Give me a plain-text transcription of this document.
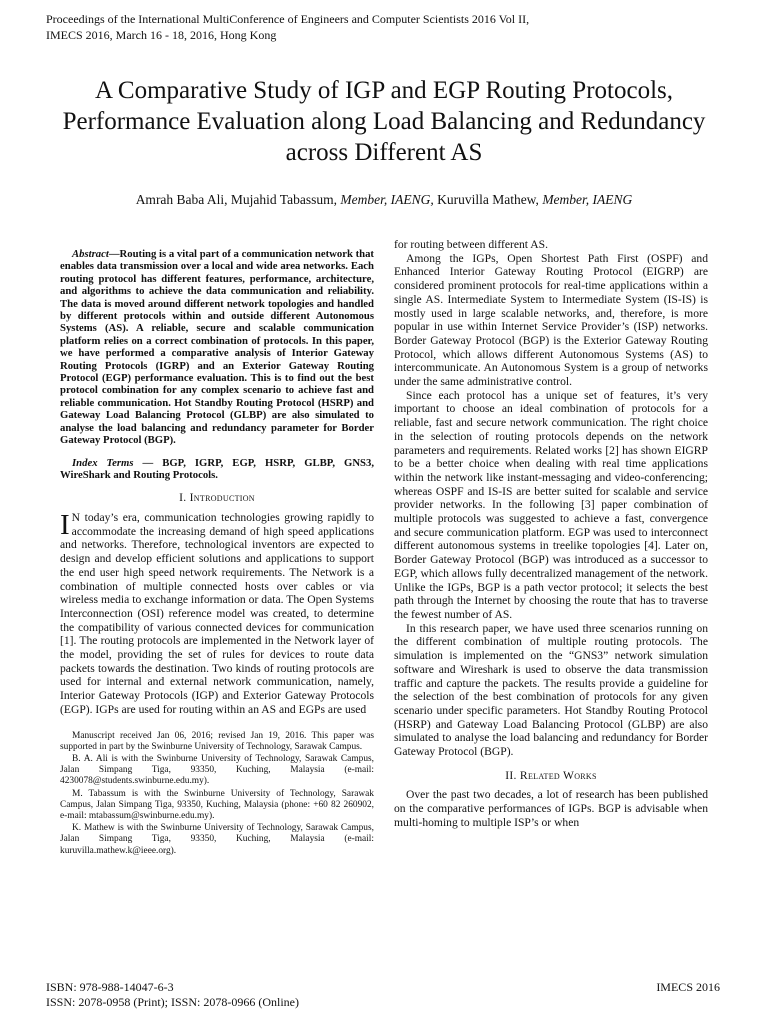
Proceedings of the International MultiConference of Engineers and Computer Scientists 2016 Vol II,
IMECS 2016, March 16 - 18, 2016, Hong Kong
A Comparative Study of IGP and EGP Routing Protocols, Performance Evaluation along Load Balancing and Redundancy across Different AS
Amrah Baba Ali, Mujahid Tabassum, Member, IAENG, Kuruvilla Mathew, Member, IAENG

Abstract—Routing is a vital part of a communication network that enables data transmission over a local and wide area networks. Each routing protocol has different features, performance, architecture, and algorithms to achieve the data communication and reliability. The data is moved around different network topologies and handled by different protocols within and outside different Autonomous Systems (AS). A reliable, secure and scalable communication platform relies on a correct combination of protocols. In this paper, we have performed a comparative analysis of Interior Gateway Routing Protocols (IGRP) and an Exterior Gateway Routing Protocol (EGP) performance evaluation. This is to find out the best protocol combination for any complex scenario to achieve fast and reliable communication. Hot Standby Routing Protocol (HSRP) and Gateway Load Balancing Protocol (GLBP) are also simulated to analyse the load balancing and redundancy parameter for Border Gateway Protocol (BGP).

Index Terms — BGP, IGRP, EGP, HSRP, GLBP, GNS3, WireShark and Routing Protocols.

I. Introduction

I N today’s era, communication technologies growing rapidly to accommodate the increasing demand of high speed applications and networks. Therefore, technological inventors are expected to design and develop efficient solutions and applications to support the end user high speed network requirements. The Network is a combination of multiple connected hosts over cables or via wireless media to exchange information or data. The Open Systems Interconnection (OSI) reference model was created, to determine the compatibility of various connected devices for communication [1]. The routing protocols are implemented in the Network layer of the model, providing the set of rules for devices to route data packets towards the destination. Two kinds of routing protocols are used for internal and external network communication, namely, Interior Gateway Protocols (IGP) and Exterior Gateway Protocols (EGP). IGPs are used for routing within an AS and EGPs are used

Manuscript received Jan 06, 2016; revised Jan 19, 2016. This paper was supported in part by the Swinburne University of Technology, Sarawak Campus.

B. A. Ali is with the Swinburne University of Technology, Sarawak Campus, Jalan Simpang Tiga, 93350, Kuching, Malaysia (e-mail: 4230078@students.swinburne.edu.my).

M. Tabassum is with the Swinburne University of Technology, Sarawak Campus, Jalan Simpang Tiga, 93350, Kuching, Malaysia (phone: +60 82 260902, e-mail: mtabassum@swinburne.edu.my).

K. Mathew is with the Swinburne University of Technology, Sarawak Campus, Jalan Simpang Tiga, 93350, Kuching, Malaysia (e-mail: kuruvilla.mathew.k@ieee.org).

for routing between different AS.

Among the IGPs, Open Shortest Path First (OSPF) and Enhanced Interior Gateway Routing Protocol (EIGRP) are considered prominent protocols for real-time applications within a single AS. Intermediate System to Intermediate System (IS-IS) is mostly used in large scalable networks, and, therefore, is more popular in use within Internet Service Provider’s (ISP) networks. Border Gateway Protocol (BGP) is the Exterior Gateway Routing Protocol, which allows different Autonomous Systems (AS) to intercommunicate. An Autonomous System is a group of networks under the same administrative control.

Since each protocol has a unique set of features, it’s very important to choose an ideal combination of protocols for a reliable, fast and secure network communication. The right choice in the selection of routing protocols depends on the network parameters and requirements. Related works [2] has shown EIGRP to be a better choice when dealing with real time applications within the network like instant-messaging and video-conferencing; whereas OSPF and IS-IS are better suited for scalable and service provider networks. In the following [3] paper combination of multiple protocols was suggested to achieve a fast, convergence and secure communication platform. EGP was used to interconnect different autonomous systems in treelike topologies [4]. Later on, Border Gateway Protocol (BGP) was introduced as a successor to EGP, which allows fully decentralized management of the network. Unlike the IGPs, BGP is a path vector protocol; it selects the best path through the Internet by choosing the route that has to traverse the fewest number of AS.

In this research paper, we have used three scenarios running on the different combination of multiple routing protocols. The simulation is implemented on the “GNS3” network simulation software and Wireshark is used to observe the data transmission traffic and capture the packets. The results provide a guideline for the selection of the best combination of protocols for any given scenario under specific parameters. Hot Standby Routing Protocol (HSRP) and Gateway Load Balancing Protocol (GLBP) are also simulated to analyse the load balancing and redundancy for Border Gateway Protocol (BGP).

II. Related Works

Over the past two decades, a lot of research has been published on the comparative performances of IGPs. BGP is advisable when multi-homing to multiple ISP’s or when

ISBN: 978-988-14047-6-3
ISSN: 2078-0958 (Print); ISSN: 2078-0966 (Online)
IMECS 2016
